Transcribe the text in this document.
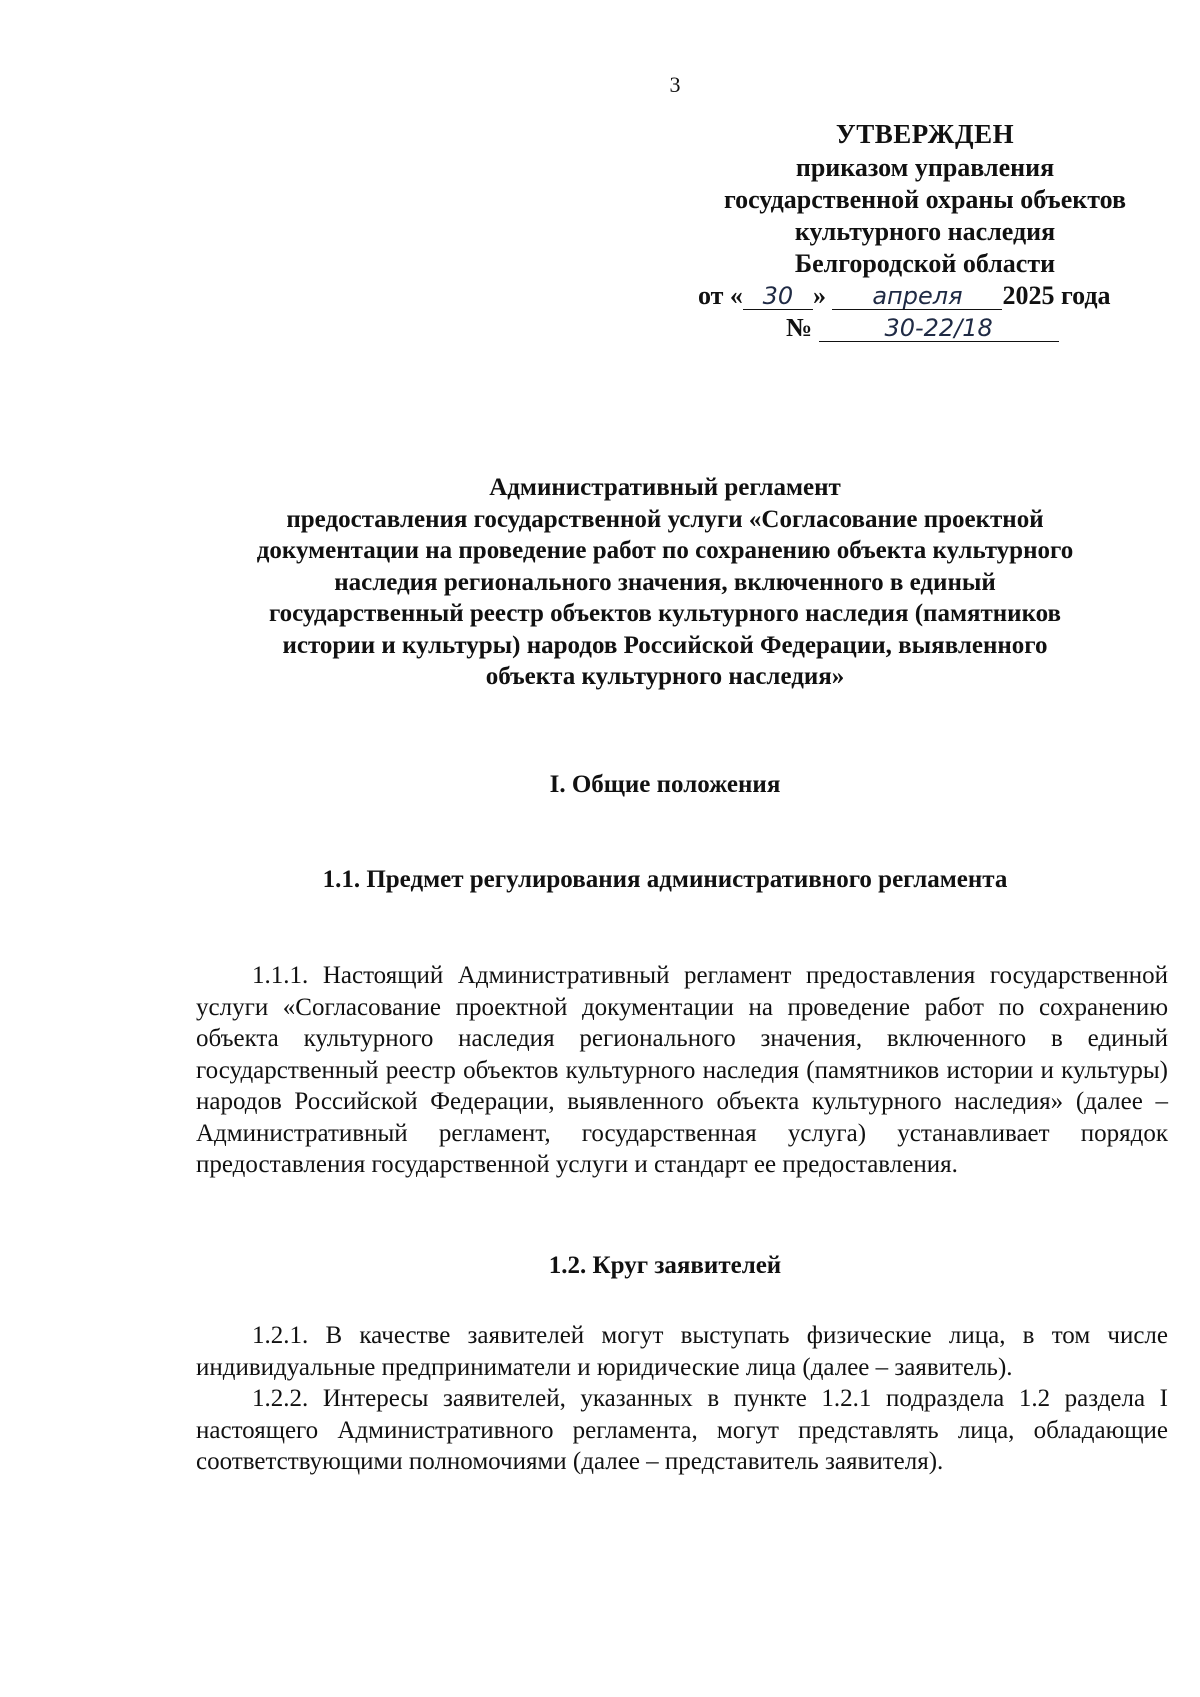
3
УТВЕРЖДЕН
приказом управления
государственной охраны объектов
культурного наследия
Белгородской области
от « 30 » апреля 2025 года
№	30-22/18
Административный регламент
предоставления государственной услуги «Согласование проектной
документации на проведение работ по сохранению объекта культурного
наследия регионального значения, включенного в единый
государственный реестр объектов культурного наследия (памятников
истории и культуры) народов Российской Федерации, выявленного
объекта культурного наследия»
I. Общие положения
1.1. Предмет регулирования административного регламента
1.1.1. Настоящий Административный регламент предоставления государственной услуги «Согласование проектной документации на проведение работ по сохранению объекта культурного наследия регионального значения, включенного в единый государственный реестр объектов культурного наследия (памятников истории и культуры) народов Российской Федерации, выявленного объекта культурного наследия» (далее – Административный регламент, государственная услуга) устанавливает порядок предоставления государственной услуги и стандарт ее предоставления.
1.2. Круг заявителей
1.2.1. В качестве заявителей могут выступать физические лица, в том числе индивидуальные предприниматели и юридические лица (далее – заявитель).
1.2.2. Интересы заявителей, указанных в пункте 1.2.1 подраздела 1.2 раздела I настоящего Административного регламента, могут представлять лица, обладающие соответствующими полномочиями (далее – представитель заявителя).
